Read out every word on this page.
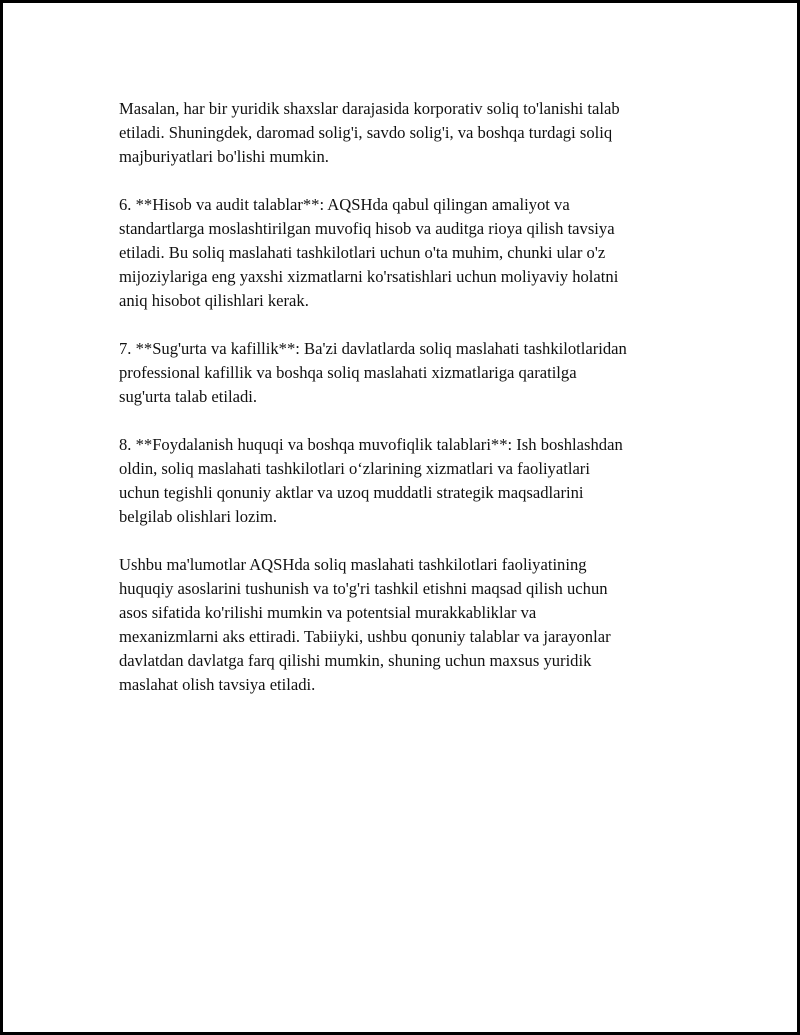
Masalan, har bir yuridik shaxslar darajasida korporativ soliq to'lanishi talab
etiladi. Shuningdek, daromad solig'i, savdo solig'i, va boshqa turdagi soliq
majburiyatlari bo'lishi mumkin.

6. **Hisob va audit talablar**: AQSHda qabul qilingan amaliyot va
standartlarga moslashtirilgan muvofiq hisob va auditga rioya qilish tavsiya
etiladi. Bu soliq maslahati tashkilotlari uchun o'ta muhim, chunki ular o'z
mijoziylariga eng yaxshi xizmatlarni ko'rsatishlari uchun moliyaviy holatni
aniq hisobot qilishlari kerak.

7. **Sug'urta va kafillik**: Ba'zi davlatlarda soliq maslahati tashkilotlaridan
professional kafillik va boshqa soliq maslahati xizmatlariga qaratilga
sug'urta talab etiladi.

8. **Foydalanish huquqi va boshqa muvofiqlik talablari**: Ish boshlashdan
oldin, soliq maslahati tashkilotlari o‘zlarining xizmatlari va faoliyatlari
uchun tegishli qonuniy aktlar va uzoq muddatli strategik maqsadlarini
belgilab olishlari lozim.

Ushbu ma'lumotlar AQSHda soliq maslahati tashkilotlari faoliyatining
huquqiy asoslarini tushunish va to'g'ri tashkil etishni maqsad qilish uchun
asos sifatida ko'rilishi mumkin va potentsial murakkabliklar va
mexanizmlarni aks ettiradi. Tabiiyki, ushbu qonuniy talablar va jarayonlar
davlatdan davlatga farq qilishi mumkin, shuning uchun maxsus yuridik
maslahat olish tavsiya etiladi.
